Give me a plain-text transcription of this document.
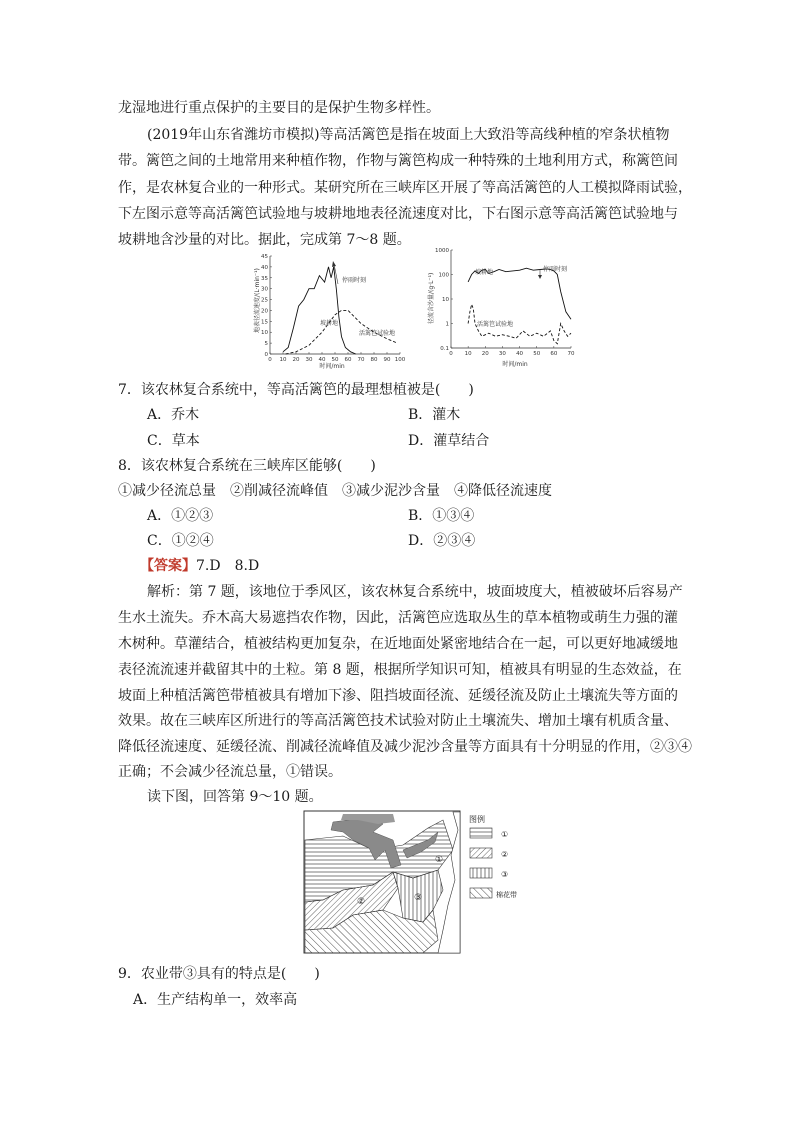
龙湿地进行重点保护的主要目的是保护生物多样性。
(2019年山东省潍坊市模拟)等高活篱笆是指在坡面上大致沿等高线种植的窄条状植物
带。篱笆之间的土地常用来种植作物，作物与篱笆构成一种特殊的土地利用方式，称篱笆间
作，是农林复合业的一种形式。某研究所在三峡库区开展了等高活篱笆的人工模拟降雨试验，
下左图示意等高活篱笆试验地与坡耕地地表径流速度对比，下右图示意等高活篱笆试验地与
坡耕地含沙量的对比。据此，完成第 7～8 题。
0 10 20 30 40 50 60 70 80 90 100
0
5
10
15
20
25
30
35
40
45
地表径流速度/(L·min⁻¹)
时间/min
停雨时刻
坡耕地
活篱笆试验地
0 10 20 30 40 50 60 70
0.1
1
10
100
1000
径流含沙量/(g·L⁻¹)
时间/min
坡耕地	停雨时刻
活篱笆试验地
7．该农林复合系统中，等高活篱笆的最理想植被是(　　)
A．乔木	B．灌木
C．草本	D．灌草结合
8．该农林复合系统在三峡库区能够(　　)
①减少径流总量　②削减径流峰值　③减少泥沙含量　④降低径流速度
A．①②③	B．①③④
C．①②④	D．②③④
【答案】7.D　8.D
解析：第 7 题，该地位于季风区，该农林复合系统中，坡面坡度大，植被破坏后容易产
生水土流失。乔木高大易遮挡农作物，因此，活篱笆应选取丛生的草本植物或萌生力强的灌
木树种。草灌结合，植被结构更加复杂，在近地面处紧密地结合在一起，可以更好地减缓地
表径流流速并截留其中的土粒。第 8 题，根据所学知识可知，植被具有明显的生态效益，在
坡面上种植活篱笆带植被具有增加下渗、阻挡坡面径流、延缓径流及防止土壤流失等方面的
效果。故在三峡库区所进行的等高活篱笆技术试验对防止土壤流失、增加土壤有机质含量、
降低径流速度、延缓径流、削减径流峰值及减少泥沙含量等方面具有十分明显的作用，②③④
正确；不会减少径流总量，①错误。
读下图，回答第 9～10 题。
①
②	③
图例
①
②
③
棉花带
9．农业带③具有的特点是(　　)
A．生产结构单一，效率高
